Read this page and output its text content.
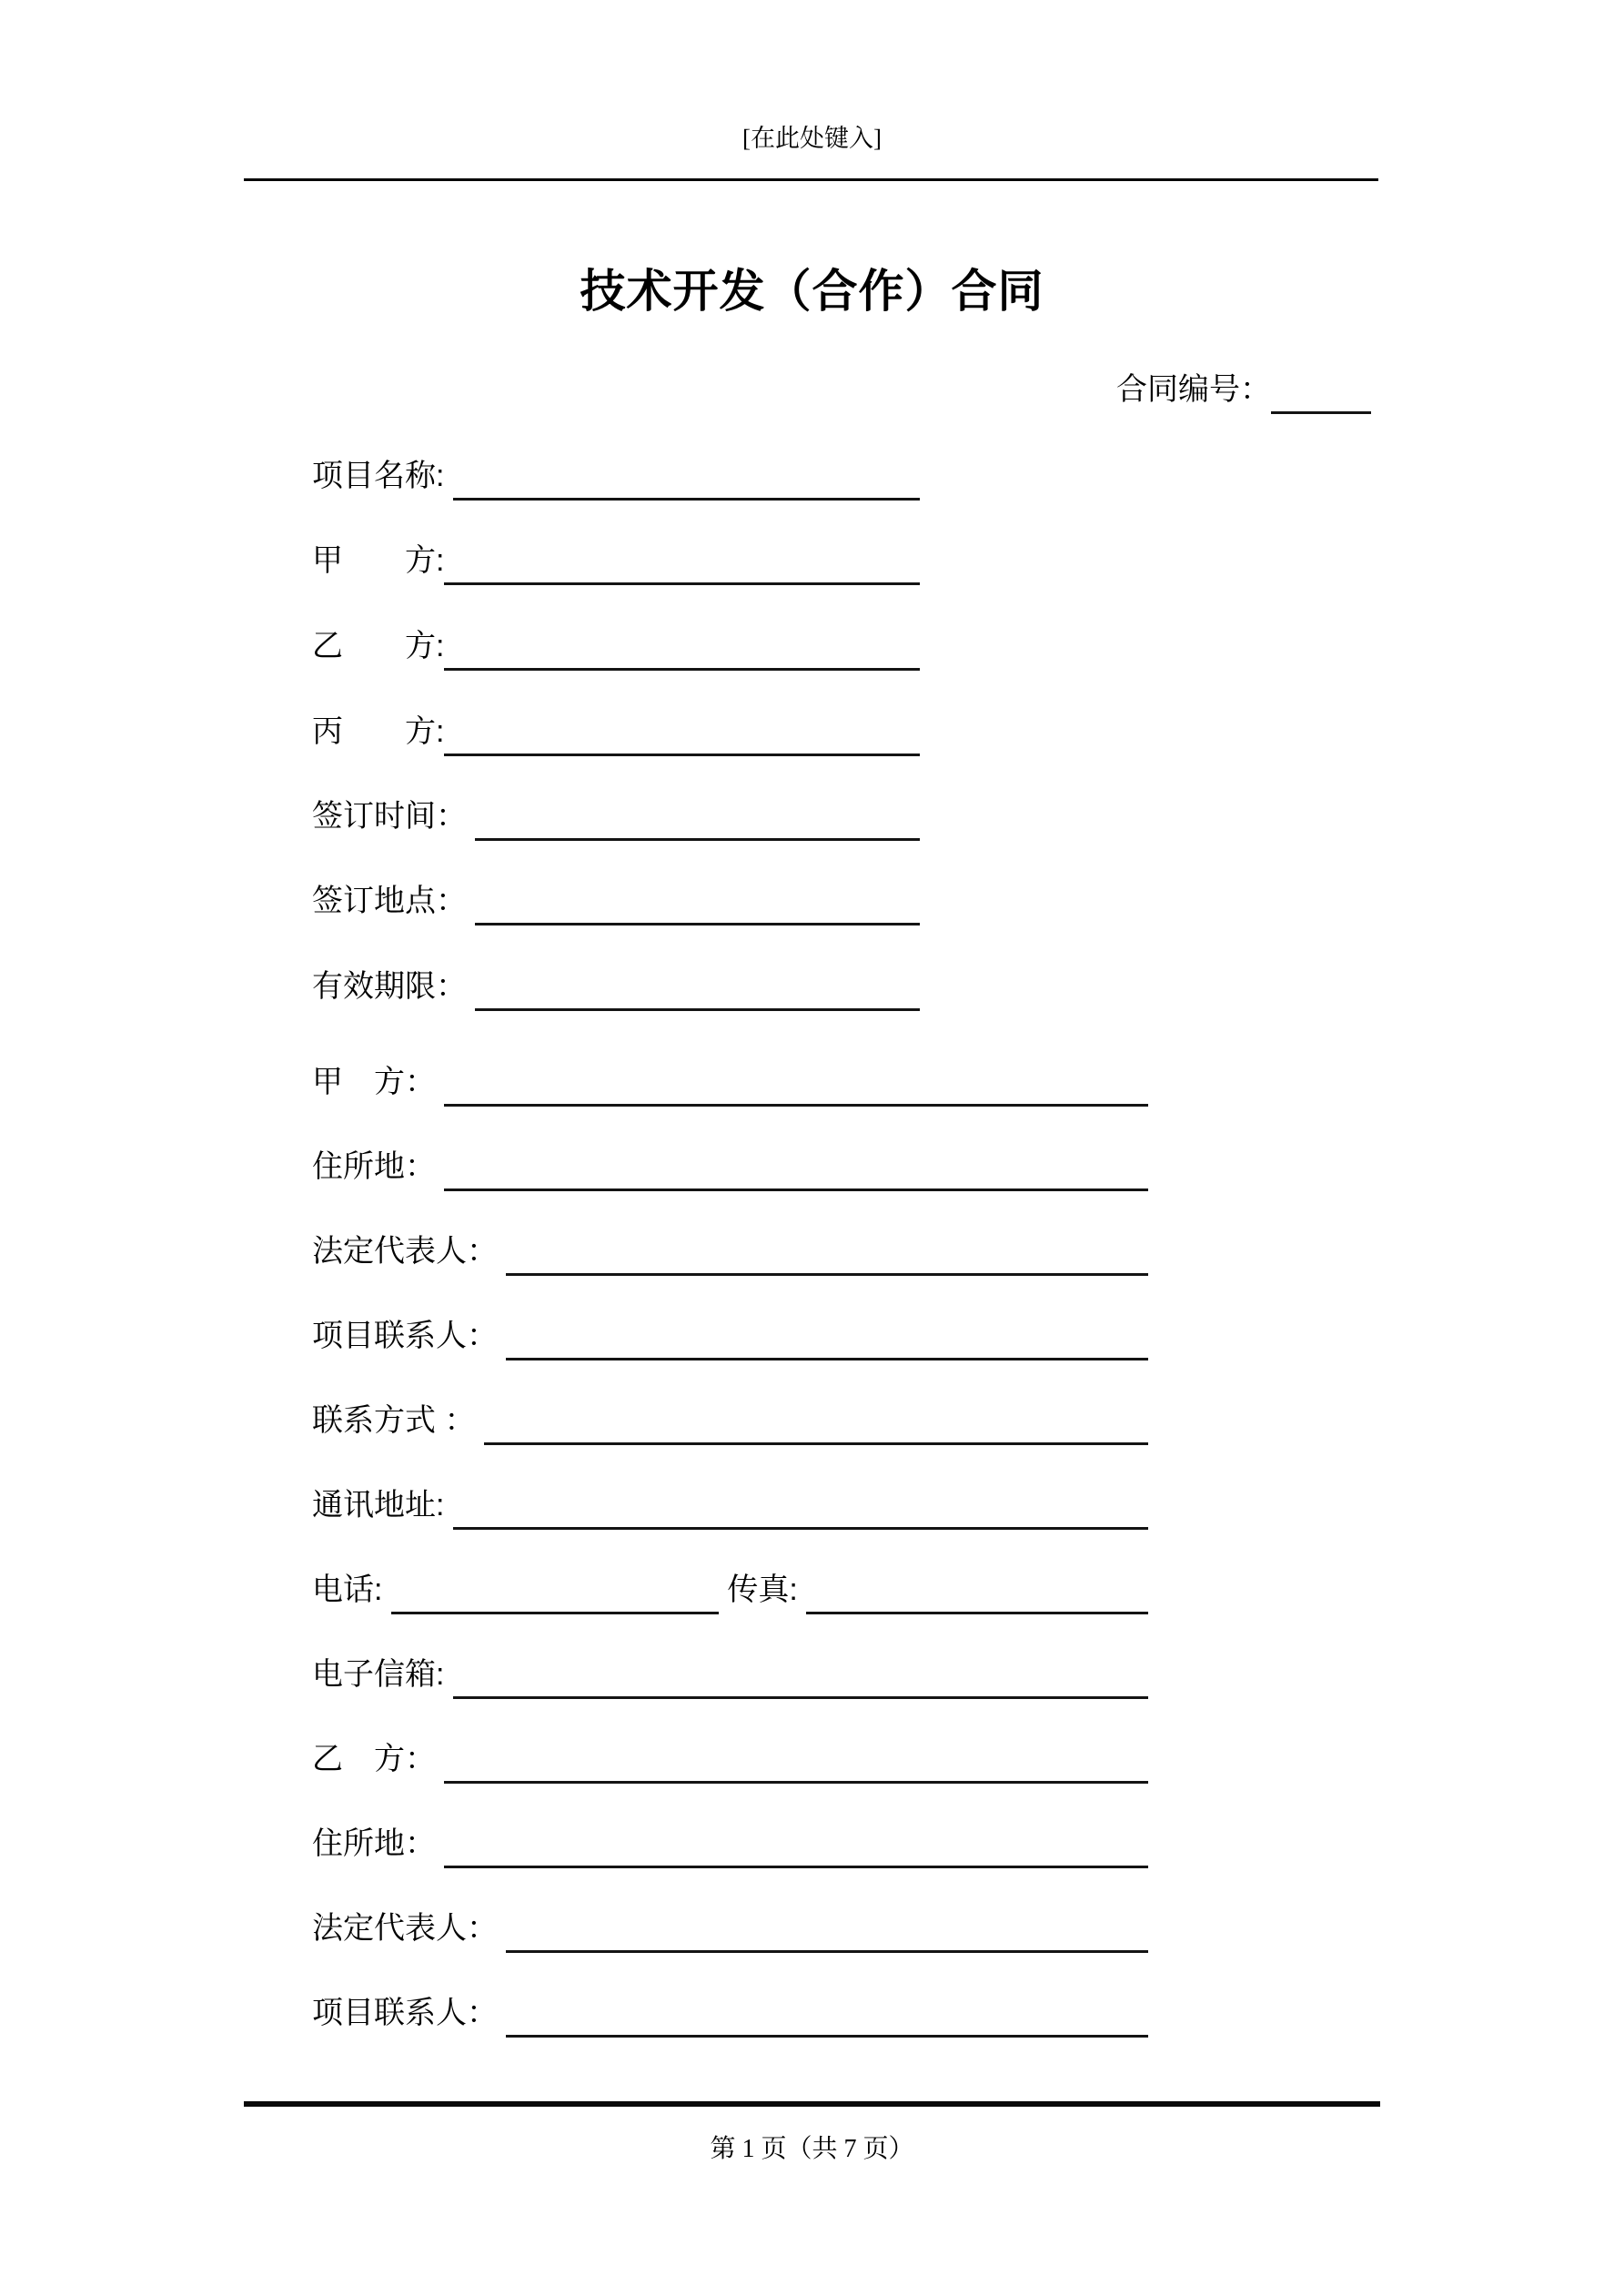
[在此处键入]
技术开发（合作）合同
合同编号：
项目名称:
甲　　方:
乙　　方:
丙　　方:
签订时间：
签订地点：
有效期限：
甲　方：
住所地：
法定代表人：
项目联系人：
联系方式 ：
通讯地址:
电话:	传真:
电子信箱:
乙　方：
住所地：
法定代表人：
项目联系人：
第 1 页（共 7 页）
